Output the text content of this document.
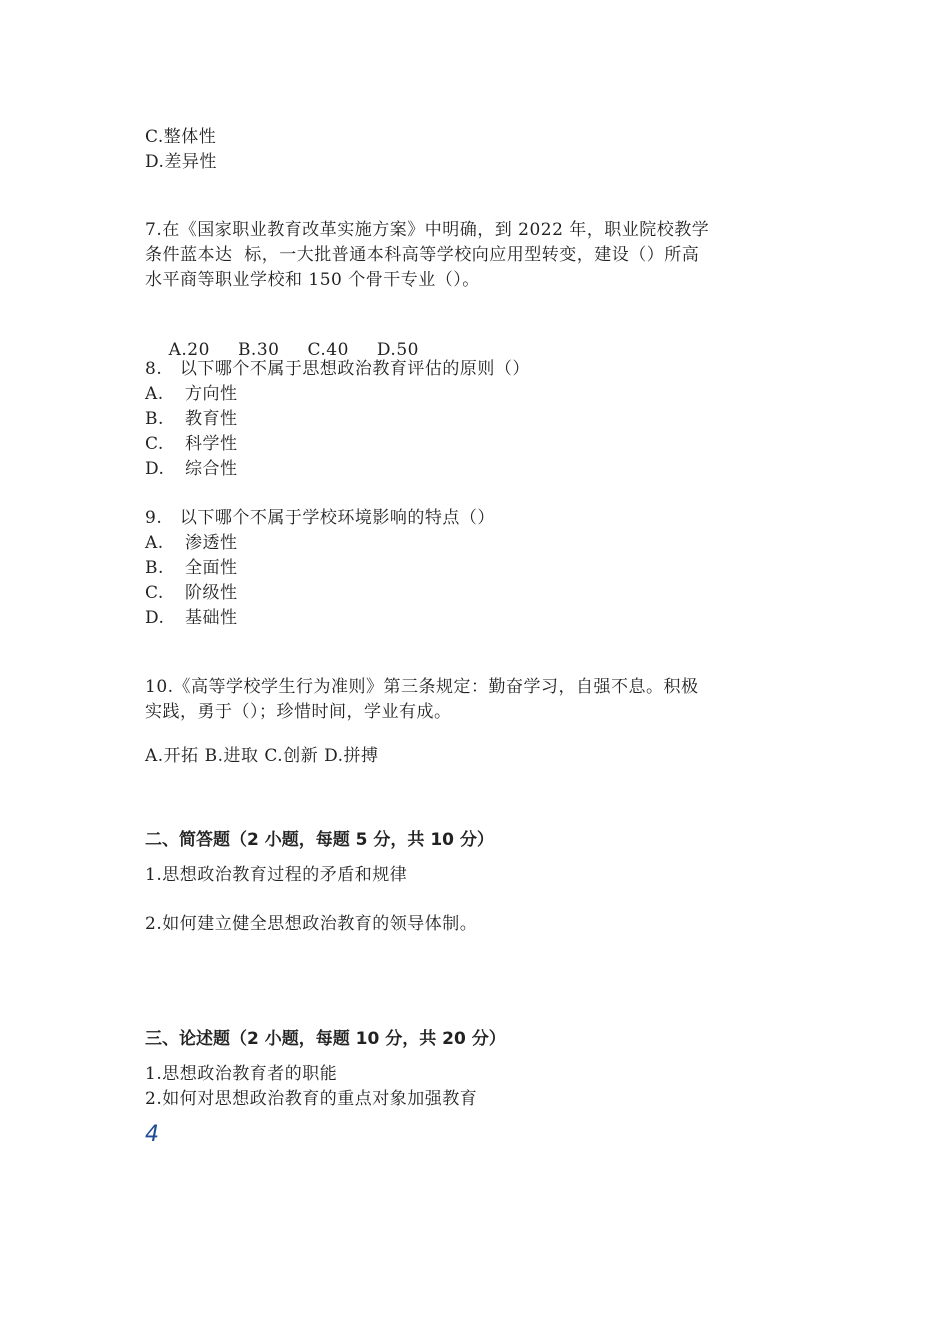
C.整体性
D.差异性
7.在《国家职业教育改革实施方案》中明确，到 2022 年，职业院校教学
条件蓝本达  标，一大批普通本科高等学校向应用型转变，建设（）所高
水平商等职业学校和 150 个骨干专业（）。

A.20 B.30 C.40 D.50

8.   以下哪个不属于思想政治教育评估的原则（）
A. 方向性
B. 教育性
C. 科学性
D. 综合性
9.   以下哪个不属于学校环境影响的特点（）
A. 渗透性
B. 全面性
C. 阶级性
D. 基础性
10.《高等学校学生行为准则》第三条规定：勤奋学习，自强不息。积极
实践，勇于（）；珍惜时间，学业有成。
A.开拓 B.进取 C.创新 D.拼搏
二、简答题（2 小题，每题 5 分，共 10 分）
1.思想政治教育过程的矛盾和规律
2.如何建立健全思想政治教育的领导体制。
三、论述题（2 小题，每题 10 分，共 20 分）
1.思想政治教育者的职能
2.如何对思想政治教育的重点对象加强教育
4
